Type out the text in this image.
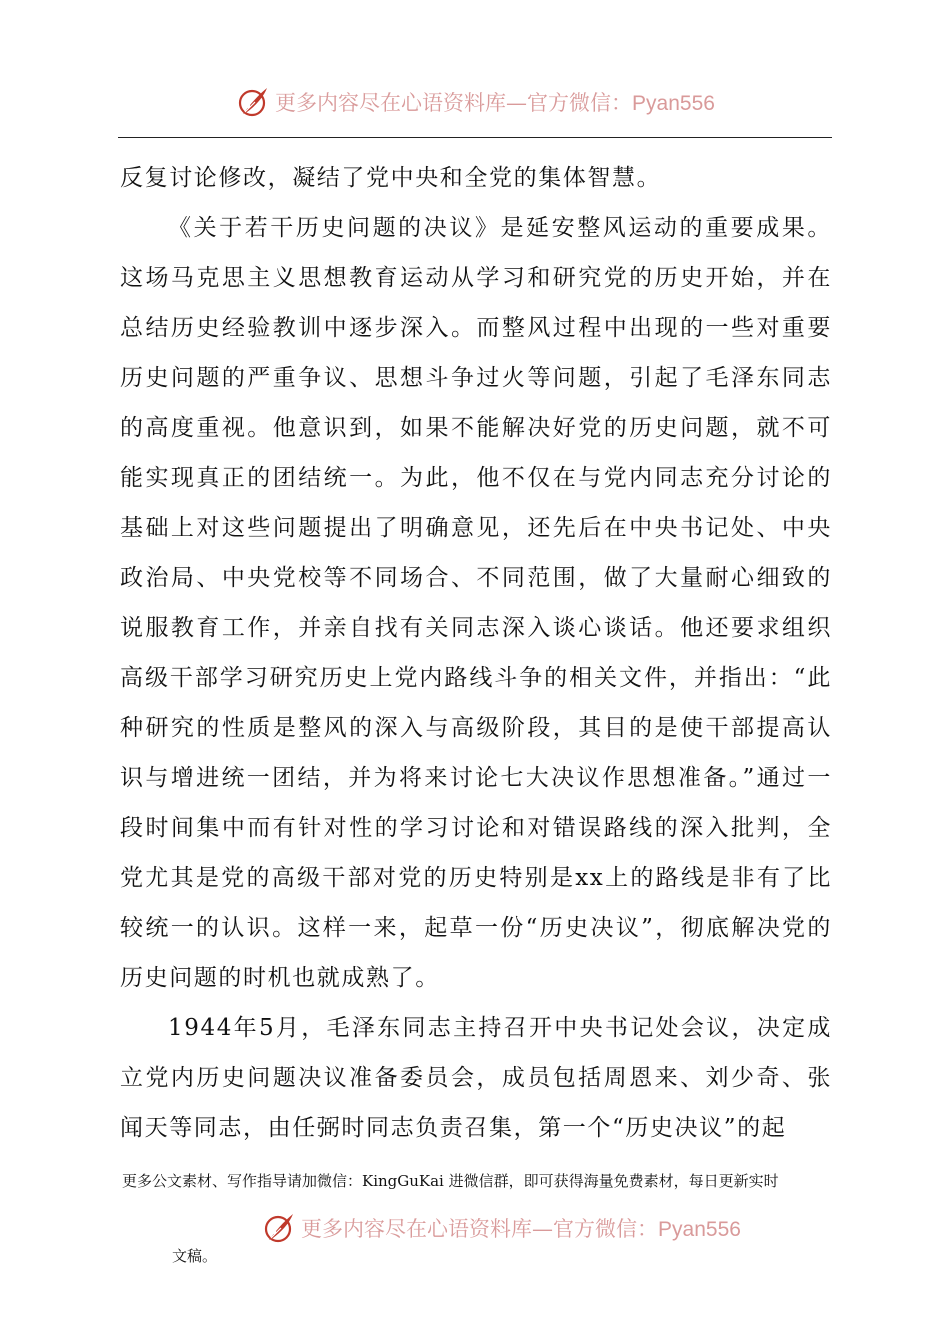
更多内容尽在心语资料库—官方微信：Pyan556

反复讨论修改，凝结了党中央和全党的集体智慧。

《关于若干历史问题的决议》是延安整风运动的重要成果。这场马克思主义思想教育运动从学习和研究党的历史开始，并在总结历史经验教训中逐步深入。而整风过程中出现的一些对重要历史问题的严重争议、思想斗争过火等问题，引起了毛泽东同志的高度重视。他意识到，如果不能解决好党的历史问题，就不可能实现真正的团结统一。为此，他不仅在与党内同志充分讨论的基础上对这些问题提出了明确意见，还先后在中央书记处、中央政治局、中央党校等不同场合、不同范围，做了大量耐心细致的说服教育工作，并亲自找有关同志深入谈心谈话。他还要求组织高级干部学习研究历史上党内路线斗争的相关文件，并指出：“此种研究的性质是整风的深入与高级阶段，其目的是使干部提高认识与增进统一团结，并为将来讨论七大决议作思想准备。”通过一段时间集中而有针对性的学习讨论和对错误路线的深入批判，全党尤其是党的高级干部对党的历史特别是xx上的路线是非有了比较统一的认识。这样一来，起草一份“历史决议”，彻底解决党的历史问题的时机也就成熟了。

1944年5月，毛泽东同志主持召开中央书记处会议，决定成立党内历史问题决议准备委员会，成员包括周恩来、刘少奇、张闻天等同志，由任弼时同志负责召集，第一个“历史决议”的起

更多公文素材、写作指导请加微信：KingGuKai 进微信群，即可获得海量免费素材，每日更新实时
更多内容尽在心语资料库—官方微信：Pyan556
文稿。
